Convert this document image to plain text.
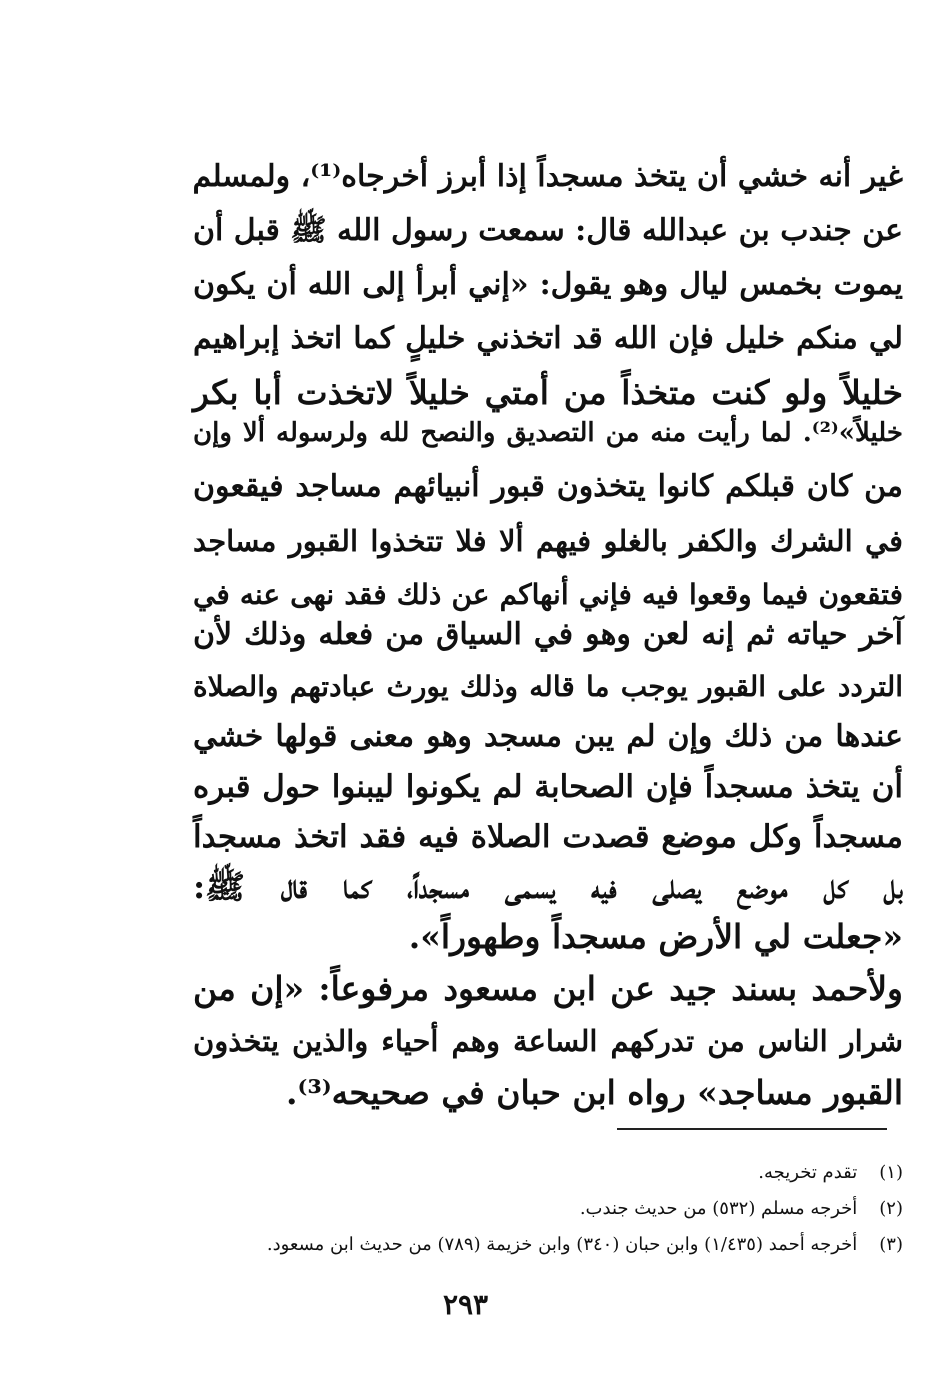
غير أنه خشي أن يتخذ مسجداً إذا أبرز أخرجاه⁽¹⁾، ولمسلم
عن جندب بن عبدالله قال: سمعت رسول الله ﷺ قبل أن
يموت بخمس ليال وهو يقول: «إني أبرأ إلى الله أن يكون
لي منكم خليل فإن الله قد اتخذني خليلٍ كما اتخذ إبراهيم
خليلاً ولو كنت متخذاً من أمتي خليلاً لاتخذت أبا بكر
خليلاً»⁽²⁾. لما رأيت منه من التصديق والنصح لله ولرسوله ألا وإن
من كان قبلكم كانوا يتخذون قبور أنبيائهم مساجد فيقعون
في الشرك والكفر بالغلو فيهم ألا فلا تتخذوا القبور مساجد
فتقعون فيما وقعوا فيه فإني أنهاكم عن ذلك فقد نهى عنه في
آخر حياته ثم إنه لعن وهو في السياق من فعله وذلك لأن
التردد على القبور يوجب ما قاله وذلك يورث عبادتهم والصلاة
عندها من ذلك وإن لم يبن مسجد وهو معنى قولها خشي
أن يتخذ مسجداً فإن الصحابة لم يكونوا ليبنوا حول قبره
مسجداً وكل موضع قصدت الصلاة فيه فقد اتخذ مسجداً
بل كل موضع يصلى فيه يسمى مسجداً، كما قال ﷺ:
«جعلت لي الأرض مسجداً وطهوراً».
ولأحمد بسند جيد عن ابن مسعود مرفوعاً: «إن من
شرار الناس من تدركهم الساعة وهم أحياء والذين يتخذون
القبور مساجد» رواه ابن حبان في صحيحه⁽³⁾.
(١) تقدم تخريجه.
(٢) أخرجه مسلم (٥٣٢) من حديث جندب.
(٣) أخرجه أحمد (١/٤٣٥) وابن حبان (٣٤٠) وابن خزيمة (٧٨٩) من حديث ابن مسعود.
٢٩٣
